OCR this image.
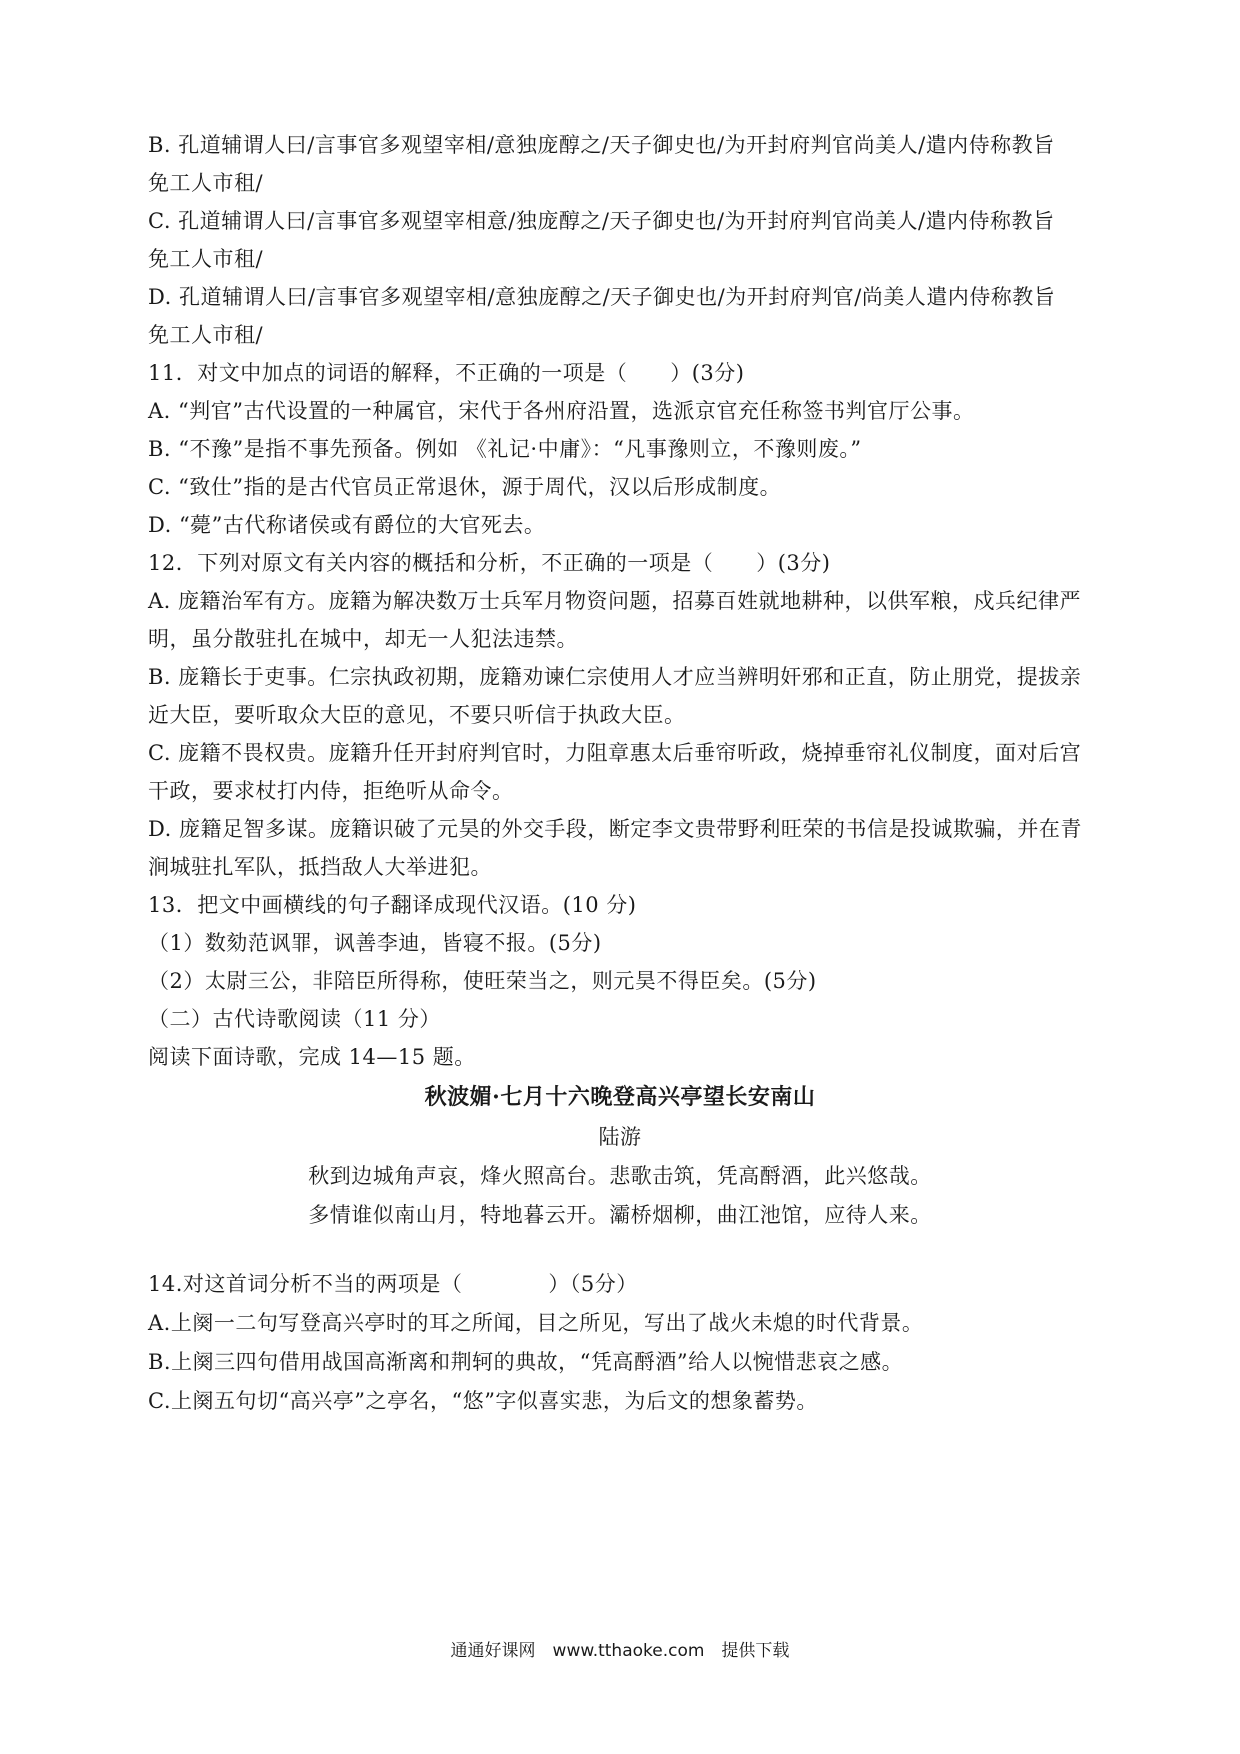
B. 孔道辅谓人曰/言事官多观望宰相/意独庞醇之/天子御史也/为开封府判官尚美人/遣内侍称教旨
免工人市租/
C. 孔道辅谓人曰/言事官多观望宰相意/独庞醇之/天子御史也/为开封府判官尚美人/遣内侍称教旨
免工人市租/
D. 孔道辅谓人曰/言事官多观望宰相/意独庞醇之/天子御史也/为开封府判官/尚美人遣内侍称教旨
免工人市租/
11．对文中加点的词语的解释，不正确的一项是（　　）(3分)
A. “判官”古代设置的一种属官，宋代于各州府沿置，选派京官充任称签书判官厅公事。
B. “不豫”是指不事先预备。例如 《礼记·中庸》：“凡事豫则立，不豫则废。”
C. “致仕”指的是古代官员正常退休，源于周代，汉以后形成制度。
D. “薨”古代称诸侯或有爵位的大官死去。
12．下列对原文有关内容的概括和分析，不正确的一项是（　　）(3分)
A. 庞籍治军有方。庞籍为解决数万士兵军月物资问题，招募百姓就地耕种，以供军粮，戍兵纪律严
明，虽分散驻扎在城中，却无一人犯法违禁。
B. 庞籍长于吏事。仁宗执政初期，庞籍劝谏仁宗使用人才应当辨明奸邪和正直，防止朋党，提拔亲
近大臣，要听取众大臣的意见，不要只听信于执政大臣。
C. 庞籍不畏权贵。庞籍升任开封府判官时，力阻章惠太后垂帘听政，烧掉垂帘礼仪制度，面对后宫
干政，要求杖打内侍，拒绝听从命令。
D. 庞籍足智多谋。庞籍识破了元昊的外交手段，断定李文贵带野利旺荣的书信是投诚欺骗，并在青
涧城驻扎军队，抵挡敌人大举进犯。
13．把文中画横线的句子翻译成现代汉语。(10 分)
（1）数劾范讽罪，讽善李迪，皆寝不报。(5分)
（2）太尉三公，非陪臣所得称，使旺荣当之，则元昊不得臣矣。(5分)
（二）古代诗歌阅读（11 分）
阅读下面诗歌，完成 14—15 题。
秋波媚·七月十六晚登高兴亭望长安南山
陆游
秋到边城角声哀，烽火照高台。悲歌击筑，凭高酹酒，此兴悠哉。
多情谁似南山月，特地暮云开。灞桥烟柳，曲江池馆，应待人来。
14.对这首词分析不当的两项是（　　　　）（5分）
A.上阕一二句写登高兴亭时的耳之所闻，目之所见，写出了战火未熄的时代背景。
B.上阕三四句借用战国高渐离和荆轲的典故，“凭高酹酒”给人以惋惜悲哀之感。
C.上阕五句切“高兴亭”之亭名，“悠”字似喜实悲，为后文的想象蓄势。
通通好课网　www.tthaoke.com　提供下载
